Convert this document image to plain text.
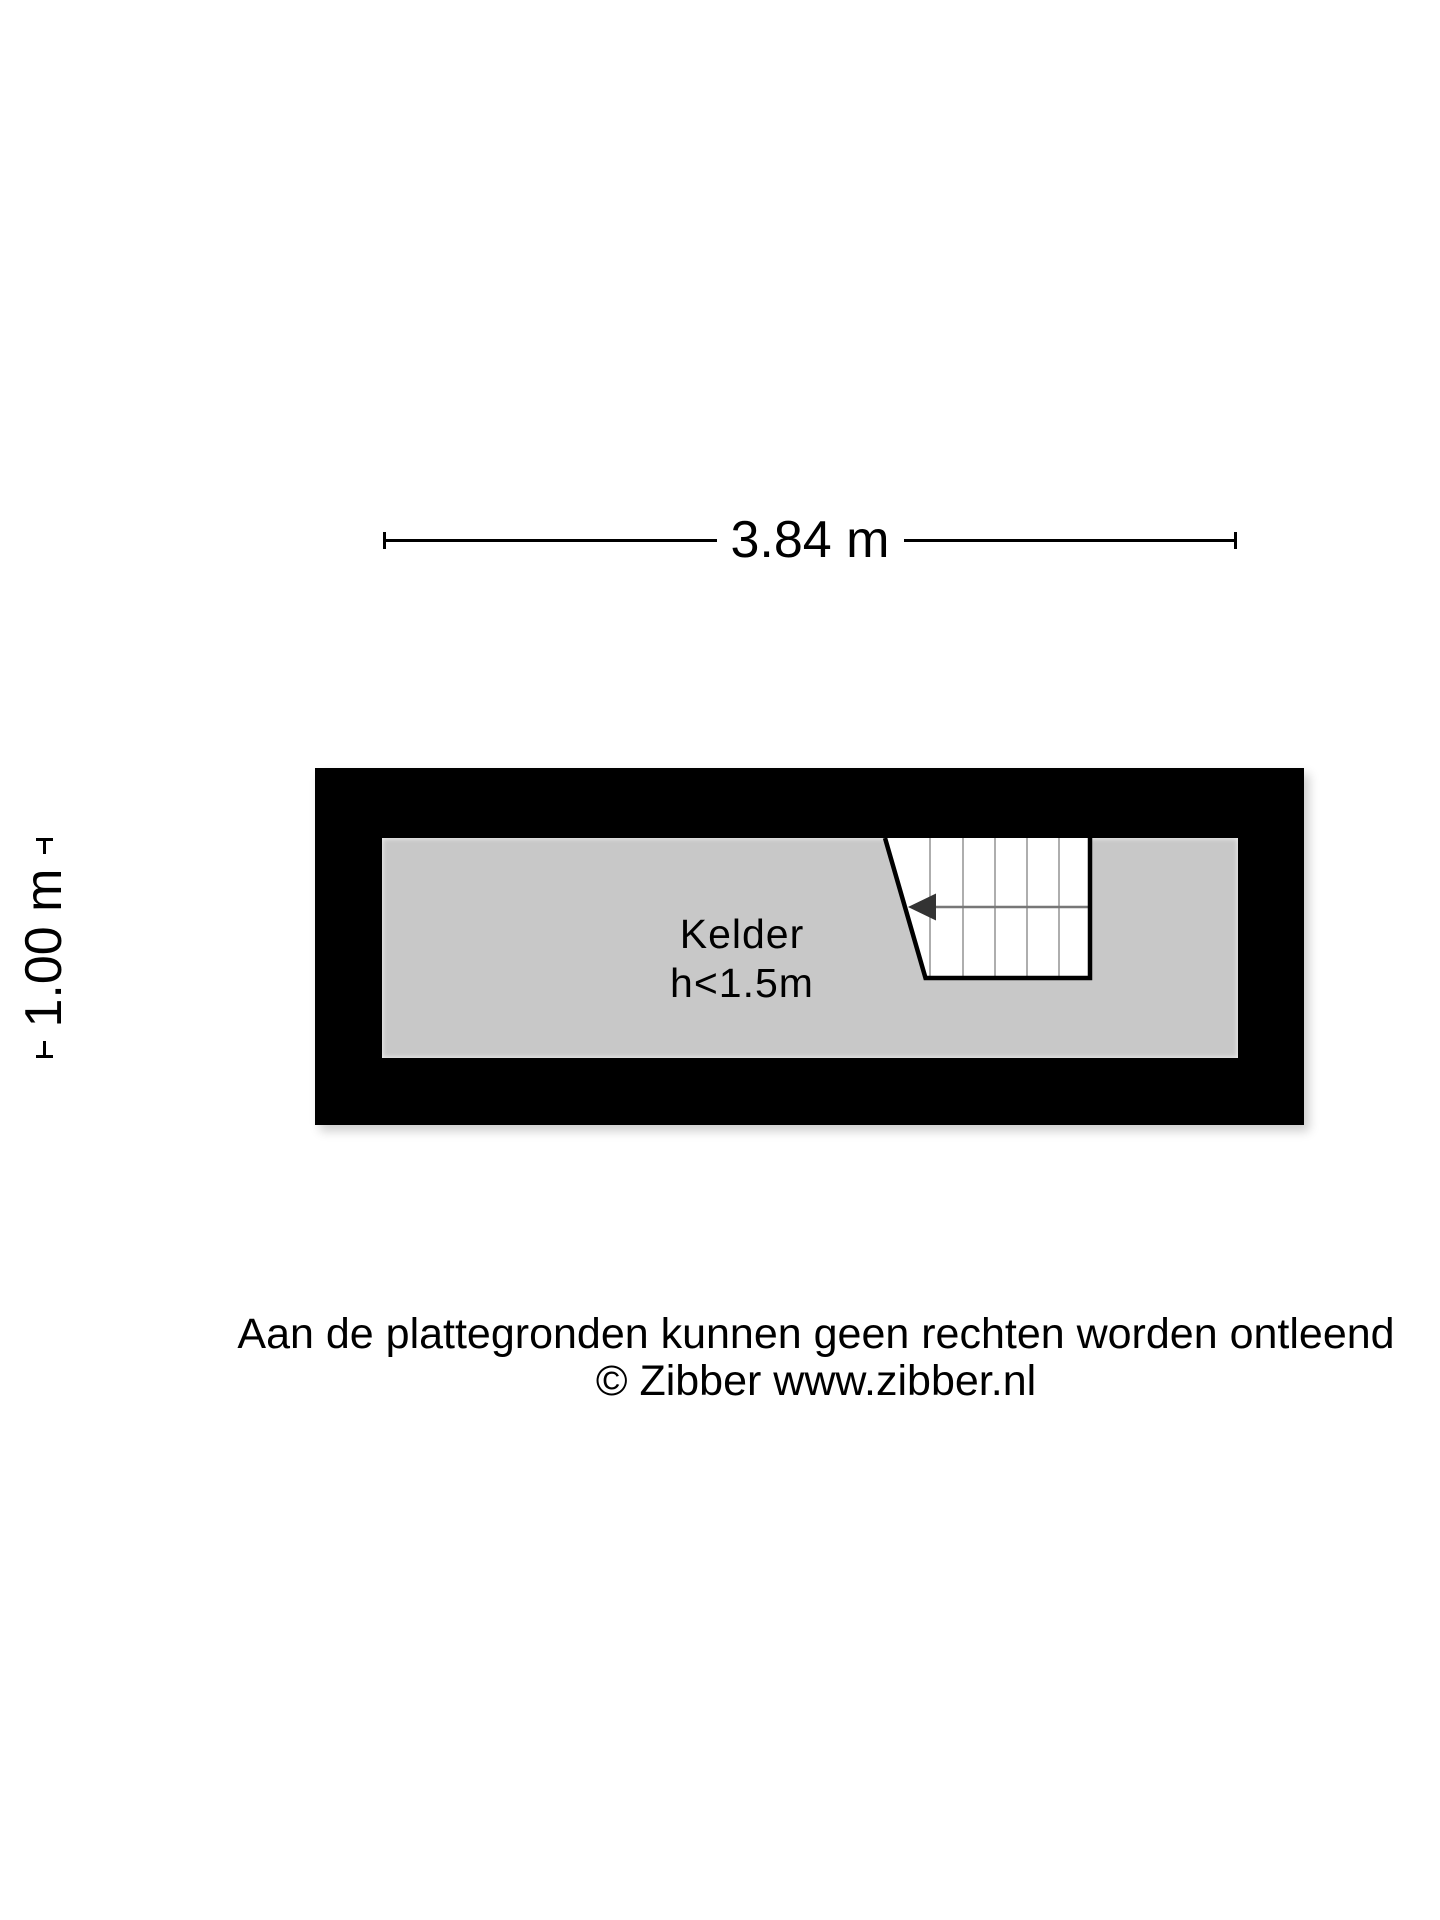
3.84 m
1.00 m	Kelder
h<1.5m
Aan de plattegronden kunnen geen rechten worden ontleend
© Zibber www.zibber.nl
